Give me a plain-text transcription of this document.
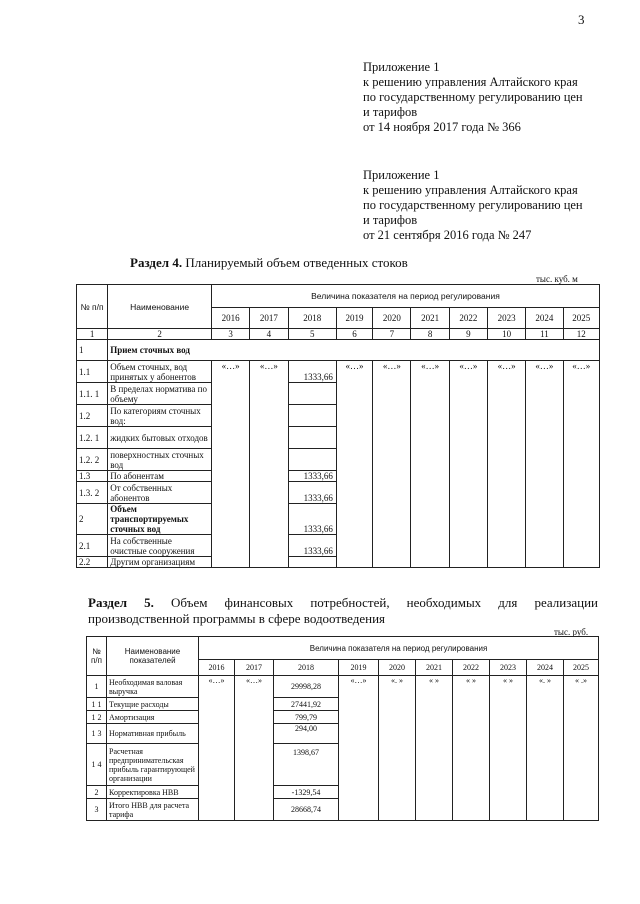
3
Приложение 1
к решению управления Алтайского края
по государственному регулированию цен
и тарифов
от 14 ноября 2017 года № 366
Приложение 1
к решению управления Алтайского края
по государственному регулированию цен
и тарифов
от 21 сентября 2016 года № 247
Раздел 4. Планируемый объем отведенных стоков
тыс. куб. м
№ п/п	Наименование	Величина показателя на период регулирования									
		2016	2017	2018	2019	2020	2021	2022	2023	2024	2025
1	2	3	4	5	6	7	8	9	10	11	12
1	Прием сточных вод										
1.1	Объем сточных, вод принятых у абонентов	«…»	«…»	1333,66	«…»	«…»	«…»	«…»	«…»	«…»	«…»
1.1. 1	В пределах норматива по объему										
1.2	По категориям сточных вод:										
1.2. 1	жидких бытовых отходов										
1.2. 2	поверхностных сточных вод										
1.3	По абонентам			1333,66							
1.3. 2	От собственных абонентов			1333,66							
2	Объем транспортируемых сточных вод			1333,66							
2.1	На собственные очистные сооружения			1333,66							
2.2	Другим организациям										
Раздел 5. Объем финансовых потребностей, необходимых для реализации производственной программы в сфере водоотведения
тыс. руб.
№ п/п	Наименование показателей	Величина показателя на период регулирования									
		2016	2017	2018	2019	2020	2021	2022	2023	2024	2025
1	Необходимая валовая выручка	«…»	«…»	29998,28	«…»	«. »	« »	« »	« »	«. »	« .»
1 1	Текущие расходы			27441,92							
1 2	Амортизация			799,79							
1 3	Нормативная прибыль			294,00							
1 4	Расчетная предпринимательская прибыль гарантирующей организации			1398,67							
2	Корректировка НВВ			-1329,54							
3	Итого НВВ для расчета тарифа			28668,74							
